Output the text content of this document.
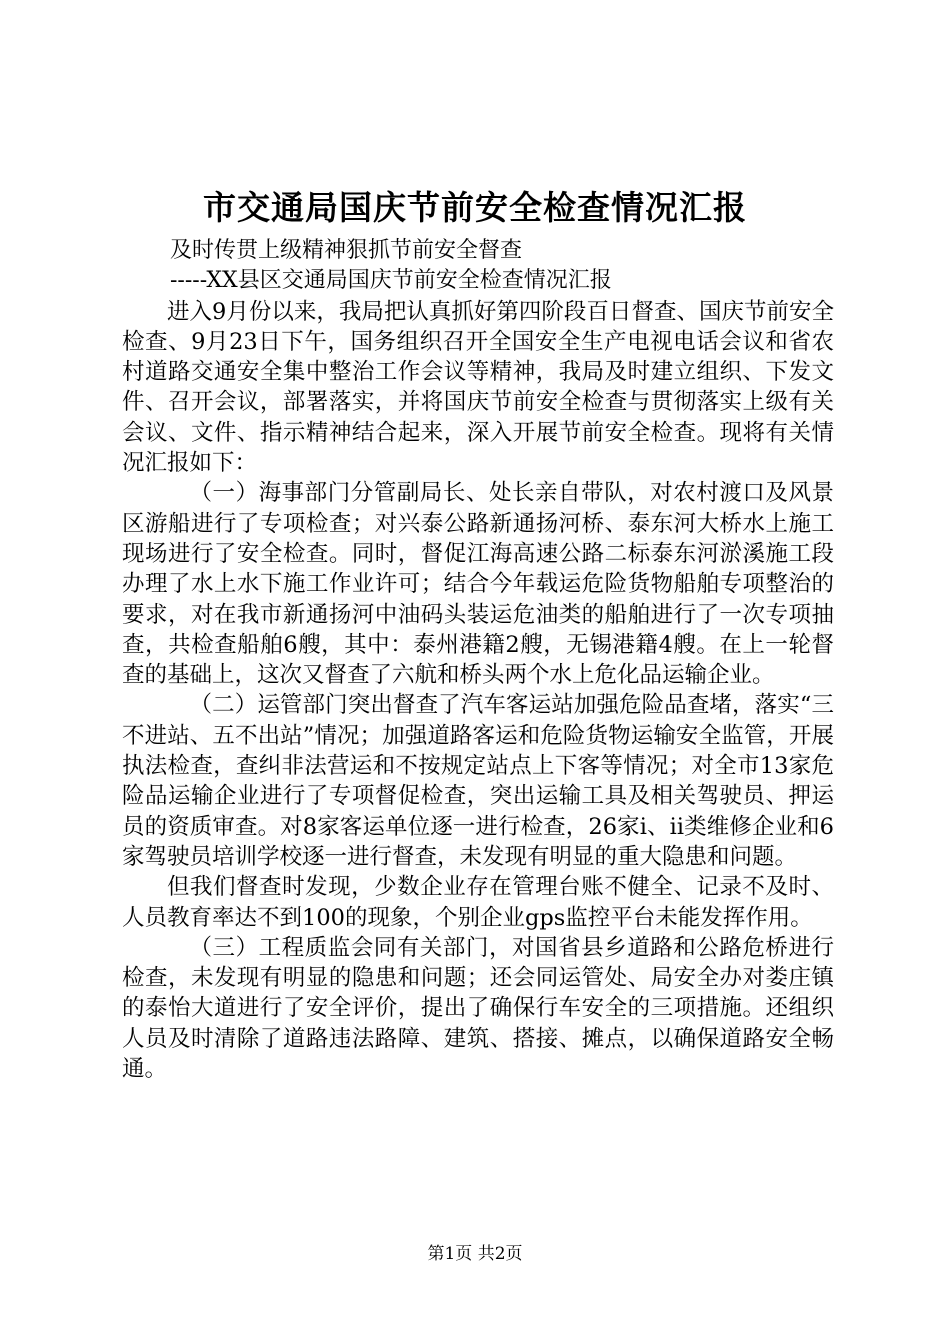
市交通局国庆节前安全检查情况汇报

及时传贯上级精神狠抓节前安全督查

-----XX县区交通局国庆节前安全检查情况汇报

进入9月份以来，我局把认真抓好第四阶段百日督查、国庆节前安全检查、9月23日下午，国务组织召开全国安全生产电视电话会议和省农村道路交通安全集中整治工作会议等精神，我局及时建立组织、下发文件、召开会议，部署落实，并将国庆节前安全检查与贯彻落实上级有关会议、文件、指示精神结合起来，深入开展节前安全检查。现将有关情况汇报如下：

（一）海事部门分管副局长、处长亲自带队，对农村渡口及风景区游船进行了专项检查；对兴泰公路新通扬河桥、泰东河大桥水上施工现场进行了安全检查。同时，督促江海高速公路二标泰东河淤溪施工段办理了水上水下施工作业许可；结合今年载运危险货物船舶专项整治的要求，对在我市新通扬河中油码头装运危油类的船舶进行了一次专项抽查，共检查船舶6艘，其中：泰州港籍2艘，无锡港籍4艘。在上一轮督查的基础上，这次又督查了六航和桥头两个水上危化品运输企业。

（二）运管部门突出督查了汽车客运站加强危险品查堵，落实“三不进站、五不出站”情况；加强道路客运和危险货物运输安全监管，开展执法检查，查纠非法营运和不按规定站点上下客等情况；对全市13家危险品运输企业进行了专项督促检查，突出运输工具及相关驾驶员、押运员的资质审查。对8家客运单位逐一进行检查，26家ⅰ、ⅱ类维修企业和6家驾驶员培训学校逐一进行督查，未发现有明显的重大隐患和问题。

但我们督查时发现，少数企业存在管理台账不健全、记录不及时、人员教育率达不到100的现象，个别企业gps监控平台未能发挥作用。

（三）工程质监会同有关部门，对国省县乡道路和公路危桥进行检查，未发现有明显的隐患和问题；还会同运管处、局安全办对娄庄镇的泰怡大道进行了安全评价，提出了确保行车安全的三项措施。还组织人员及时清除了道路违法路障、建筑、搭接、摊点，以确保道路安全畅通。

第1页 共2页
